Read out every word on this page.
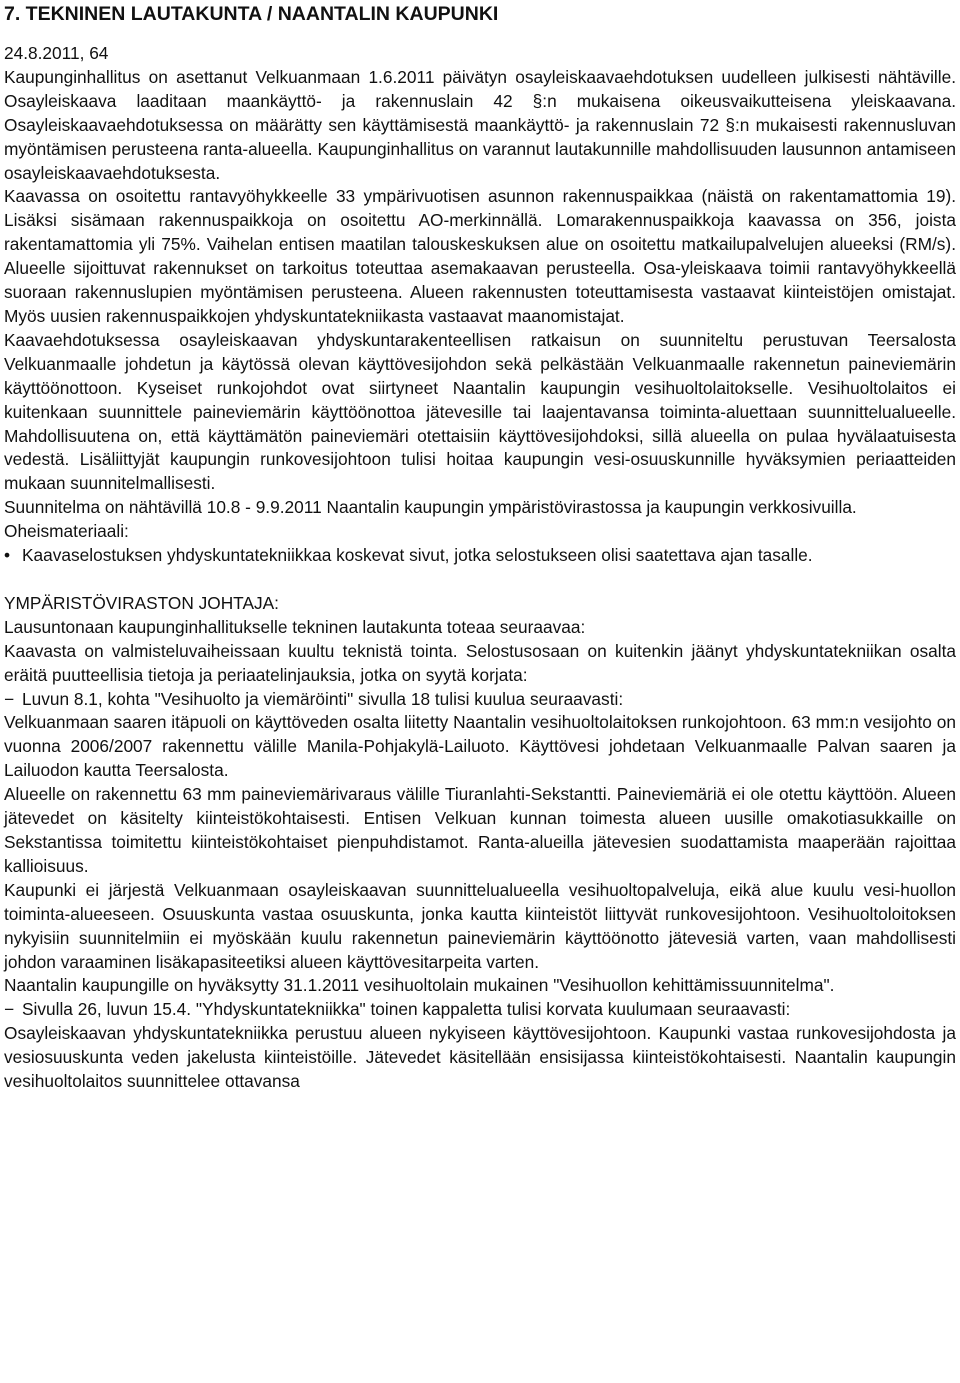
7. TEKNINEN LAUTAKUNTA / NAANTALIN KAUPUNKI

24.8.2011, 64

Kaupunginhallitus on asettanut Velkuanmaan 1.6.2011 päivätyn osayleiskaavaehdotuksen uudelleen julkisesti nähtäville. Osayleiskaava laaditaan maankäyttö- ja rakennuslain 42 §:n mukaisena oikeusvaikutteisena yleiskaavana. Osayleiskaavaehdotuksessa on määrätty sen käyttämisestä maankäyttö- ja rakennuslain 72 §:n mukaisesti rakennusluvan myöntämisen perusteena ranta-alueella. Kaupunginhallitus on varannut lautakunnille mahdollisuuden lausunnon antamiseen osayleiskaavaehdotuksesta.

Kaavassa on osoitettu rantavyöhykkeelle 33 ympärivuotisen asunnon rakennuspaikkaa (näistä on rakentamattomia 19). Lisäksi sisämaan rakennuspaikkoja on osoitettu AO-merkinnällä. Lomarakennuspaikkoja kaavassa on 356, joista rakentamattomia yli 75%. Vaihelan entisen maatilan talouskeskuksen alue on osoitettu matkailupalvelujen alueeksi (RM/s). Alueelle sijoittuvat rakennukset on tarkoitus toteuttaa asemakaavan perusteella. Osa-yleiskaava toimii rantavyöhykkeellä suoraan rakennuslupien myöntämisen perusteena. Alueen rakennusten toteuttamisesta vastaavat kiinteistöjen omistajat. Myös uusien rakennuspaikkojen yhdyskuntatekniikasta vastaavat maanomistajat.

Kaavaehdotuksessa osayleiskaavan yhdyskuntarakenteellisen ratkaisun on suunniteltu perustuvan Teersalosta Velkuanmaalle johdetun ja käytössä olevan käyttövesijohdon sekä pelkästään Velkuanmaalle rakennetun paineviemärin käyttöönottoon. Kyseiset runkojohdot ovat siirtyneet Naantalin kaupungin vesihuoltolaitokselle. Vesihuoltolaitos ei kuitenkaan suunnittele paineviemärin käyttöönottoa jätevesille tai laajentavansa toiminta-aluettaan suunnittelualueelle. Mahdollisuutena on, että käyttämätön paineviemäri otettaisiin käyttövesijohdoksi, sillä alueella on pulaa hyvälaatuisesta vedestä. Lisäliittyjät kaupungin runkovesijohtoon tulisi hoitaa kaupungin vesi-osuuskunnille hyväksymien periaatteiden mukaan suunnitelmallisesti.

Suunnitelma on nähtävillä 10.8 - 9.9.2011 Naantalin kaupungin ympäristövirastossa ja kaupungin verkkosivuilla.

Oheismateriaali:

• Kaavaselostuksen yhdyskuntatekniikkaa koskevat sivut, jotka selostukseen olisi saatettava ajan tasalle.

YMPÄRISTÖVIRASTON JOHTAJA:

Lausuntonaan kaupunginhallitukselle tekninen lautakunta toteaa seuraavaa:

Kaavasta on valmisteluvaiheissaan kuultu teknistä tointa. Selostusosaan on kuitenkin jäänyt yhdyskuntatekniikan osalta eräitä puutteellisia tietoja ja periaatelinjauksia, jotka on syytä korjata:

− Luvun 8.1, kohta "Vesihuolto ja viemäröinti" sivulla 18 tulisi kuulua seuraavasti:

Velkuanmaan saaren itäpuoli on käyttöveden osalta liitetty Naantalin vesihuoltolaitoksen runkojohtoon. 63 mm:n vesijohto on vuonna 2006/2007 rakennettu välille Manila-Pohjakylä-Lailuoto. Käyttövesi johdetaan Velkuanmaalle Palvan saaren ja Lailuodon kautta Teersalosta.

Alueelle on rakennettu 63 mm paineviemärivaraus välille Tiuranlahti-Sekstantti. Paineviemäriä ei ole otettu käyttöön. Alueen jätevedet on käsitelty kiinteistökohtaisesti. Entisen Velkuan kunnan toimesta alueen uusille omakotiasukkaille on Sekstantissa toimitettu kiinteistökohtaiset pienpuhdistamot. Ranta-alueilla jätevesien suodattamista maaperään rajoittaa kallioisuus.

Kaupunki ei järjestä Velkuanmaan osayleiskaavan suunnittelualueella vesihuoltopalveluja, eikä alue kuulu vesi-huollon toiminta-alueeseen. Osuuskunta vastaa osuuskunta, jonka kautta kiinteistöt liittyvät runkovesijohtoon. Vesihuoltoloitoksen nykyisiin suunnitelmiin ei myöskään kuulu rakennetun paineviemärin käyttöönotto jätevesiä varten, vaan mahdollisesti johdon varaaminen lisäkapasiteetiksi alueen käyttövesitarpeita varten.

Naantalin kaupungille on hyväksytty 31.1.2011 vesihuoltolain mukainen "Vesihuollon kehittämissuunnitelma".

− Sivulla 26, luvun 15.4. "Yhdyskuntatekniikka" toinen kappaletta tulisi korvata kuulumaan seuraavasti:

Osayleiskaavan yhdyskuntatekniikka perustuu alueen nykyiseen käyttövesijohtoon. Kaupunki vastaa runkovesijohdosta ja vesiosuuskunta veden jakelusta kiinteistöille. Jätevedet käsitellään ensisijassa kiinteistökohtaisesti. Naantalin kaupungin vesihuoltolaitos suunnittelee ottavansa
